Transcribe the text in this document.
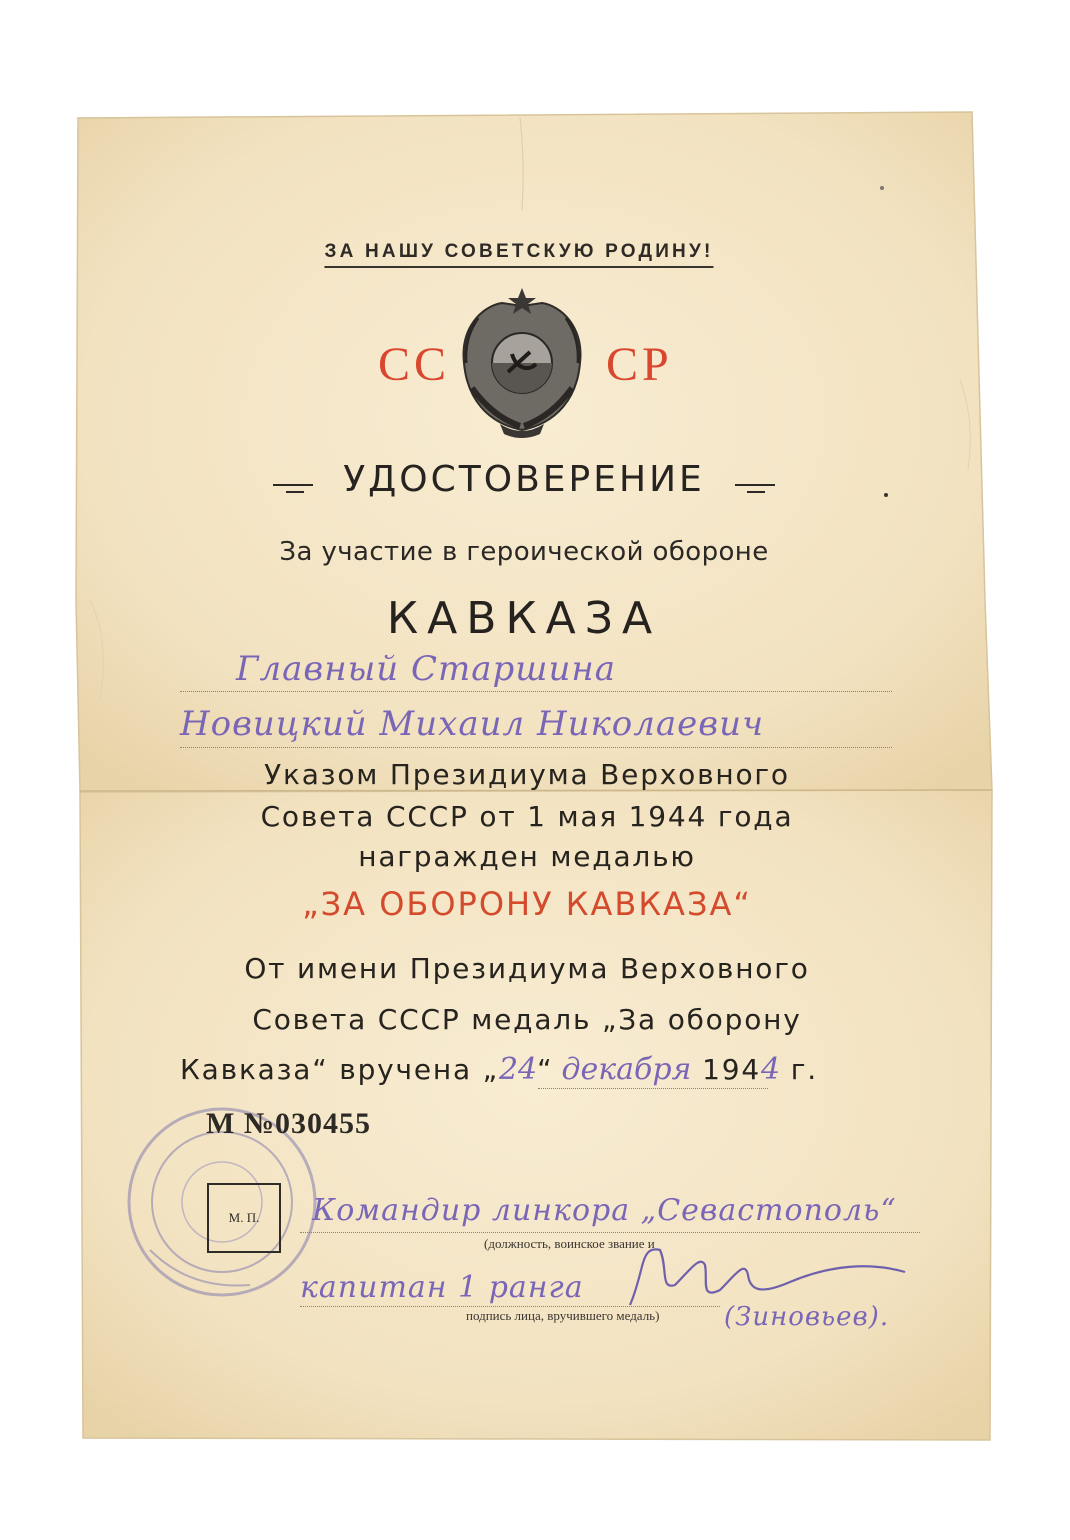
ЗА НАШУ СОВЕТСКУЮ РОДИНУ!
СС	СР
УДОСТОВЕРЕНИЕ
За участие в героической обороне
КАВКАЗА
Главный Старшина
Новицкий Михаил Николаевич
Указом Президиума Верховного
Совета СССР от 1 мая 1944 года
награжден медалью
„ЗА ОБОРОНУ КАВКАЗА“
От имени Президиума Верховного
Совета СССР медаль „За оборону
Кавказа“ вручена „24“ декабря 1944 г.
М №030455
М. П.	Командир линкора „Севастополь“
(должность, воинское звание и
капитан 1 ранга
подпись лица, вручившего медаль) (Зиновьев).
